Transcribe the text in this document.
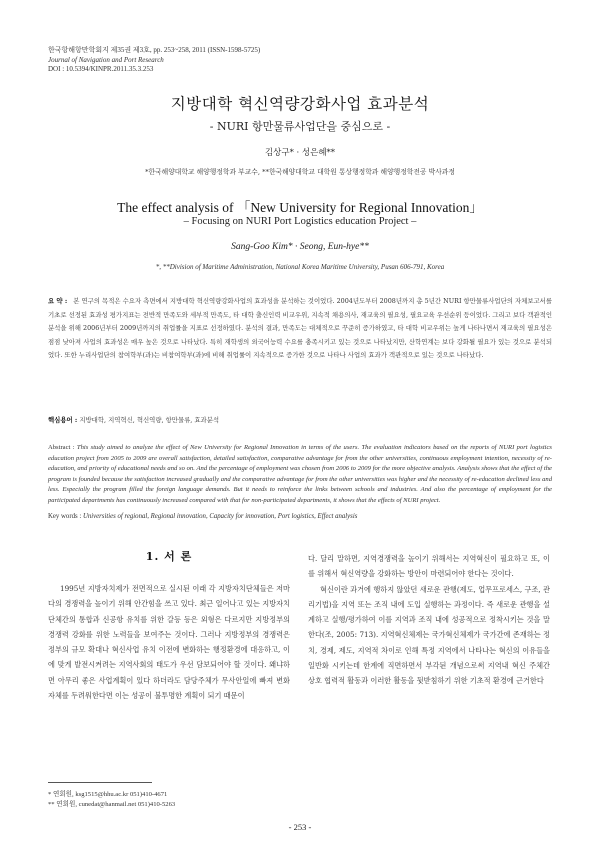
한국항해항만학회지 제35권 제3호, pp. 253~258, 2011 (ISSN-1598-5725)
Journal of Navigation and Port Research
DOI : 10.5394/KINPR.2011.35.3.253
지방대학 혁신역량강화사업 효과분석
- NURI 항만물류사업단을 중심으로 -
김상구* · 성은혜**
*한국해양대학교 해양행정학과 부교수, **한국해양대학교 대학원 통상행정학과 해양행정학전공 박사과정
The effect analysis of 「New University for Regional Innovation」
– Focusing on NURI Port Logistics education Project –
Sang-Goo Kim* · Seong, Eun-hye**
*, **Division of Maritime Administration, National Korea Maritime University, Pusan 606-791, Korea
요 약 : 본 연구의 목적은 수요자 측면에서 지방대학 혁신역량강화사업의 효과성을 분석하는 것이었다. 2004년도부터 2008년까지 총 5년간 NURI 항만물류사업단의 자체보고서를 기초로 선정된 효과성 평가지표는 전반적 만족도와 세부적 만족도, 타 대학 출신인력 비교우위, 지속적 채용의사, 재교육의 필요성, 필요교육 우선순위 등이었다. 그리고 보다 객관적인 분석을 위해 2006년부터 2009년까지의 취업률을 지표로 선정하였다. 분석의 결과, 만족도는 대체적으로 꾸준히 증가하였고, 타 대학 비교우위는 높게 나타나면서 재교육의 필요성은 점점 낮아져 사업의 효과성은 매우 높은 것으로 나타났다. 특히 재학생의 외국어능력 수요를 충족시키고 있는 것으로 나타났지만, 산학연계는 보다 강화될 필요가 있는 것으로 분석되었다. 또한 누리사업단의 참여학부(과)는 비참여학부(과)에 비해 취업률이 지속적으로 증가한 것으로 나타나 사업의 효과가 객관적으로 있는 것으로 나타났다.
핵심용어 : 지방대학, 지역혁신, 혁신역량, 항만물류, 효과분석
Abstract : This study aimed to analyze the effect of New University for Regional Innovation in terms of the users. The evaluation indicators based on the reports of NURI port logistics education project from 2005 to 2009 are overall satisfaction, detailed satisfaction, comparative advantage for from the other universities, continuous employment intention, necessity of re-education, and priority of educational needs and so on. And the percentage of employment was chosen from 2006 to 2009 for the more objective analysis. Analysis shows that the effect of the program is founded because the satisfaction increased gradually and the comparative advantage for from the other universities was higher and the necessity of re-education declined less and less. Especially the program filled the foreign language demands. But it needs to reinforce the links between schools and industries. And also the percentage of employment for the participated departments has continuously increased compared with that for non-participated departments, it shows that the effects of NURI project.
Key words : Universities of regional, Regional innovation, Capacity for innovation, Port logistics, Effect analysis
1. 서 론

1995년 지방자치제가 전면적으로 실시된 이래 각 지방자치단체들은 저마다의 경쟁력을 높이기 위해 안간힘을 쓰고 있다. 최근 일어나고 있는 지방자치단체간의 통합과 신공항 유치를 위한 갈등 등은 외형은 다르지만 지방정부의 경쟁력 강화를 위한 노력들을 보여주는 것이다. 그러나 지방정부의 경쟁력은 정부의 규모 확대나 혁신사업 유치 이전에 변화하는 행정환경에 대응하고, 이에 맞게 발전시켜려는 지역사회의 태도가 우선 담보되어야 할 것이다. 왜냐하면 아무리 좋은 사업계획이 있다 하더라도 담당주체가 무사안일에 빠져 변화자체를 두려워한다면 이는 성공이 불투명한 계획이 되기 때문이

다. 달리 말하면, 지역경쟁력을 높이기 위해서는 지역혁신이 필요하고 또, 이를 위해서 혁신역량을 강화하는 방안이 마련되어야 한다는 것이다.

혁신이란 과거에 행하지 않았던 새로운 관행(제도, 업무프로세스, 구조, 관리기법)을 지역 또는 조직 내에 도입 실행하는 과정이다. 즉 새로운 관행을 설계하고 실행/평가하여 이를 지역과 조직 내에 성공적으로 정착시키는 것을 말한다(조, 2005: 713). 지역혁신체제는 국가혁신체제가 국가간에 존재하는 정치, 경제, 제도, 지역적 차이로 인해 특정 지역에서 나타나는 혁신의 이유들을 일반화 시키는데 한계에 직면하면서 부각된 개념으로써 지역내 혁신 주체간 상호 협력적 활동과 이러한 활동을 뒷받침하기 위한 기초적 환경에 근거한다

* 연회원, ksg1515@hhu.ac.kr 051)410-4671
** 연회원, cunedat@hanmail.net 051)410-5263
- 253 -
